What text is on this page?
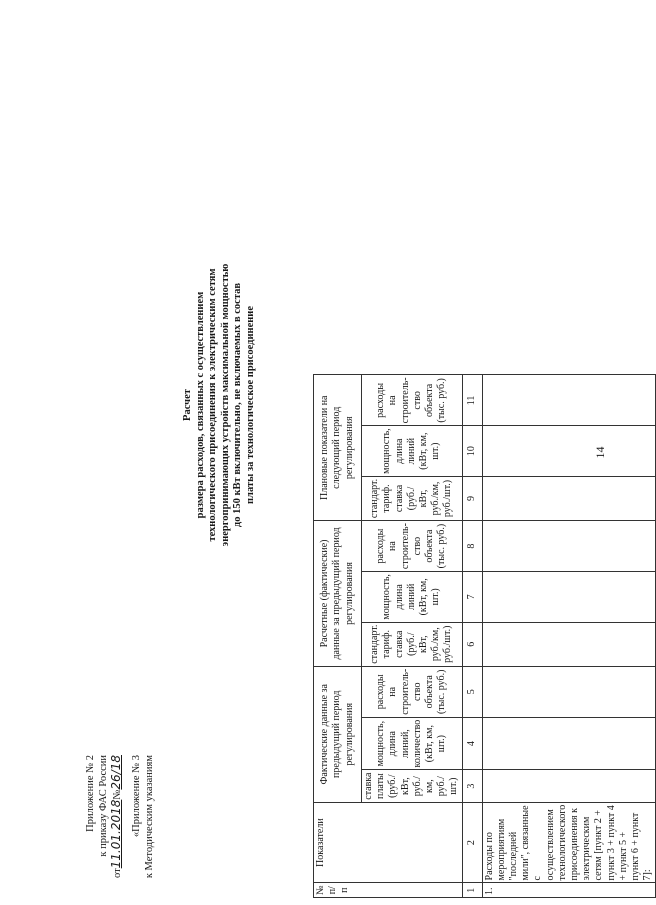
14
Приложение № 2 к приказу ФАС России
от11.01.2018№26/18 «Приложение № 3 к Методическим указаниям
Расчет размера расходов, связанных с осуществлением технологического присоединения к электрическим сетям энергопринимающих устройств максимальной мощностью до 150 кВт включительно, не включаемых в состав платы за технологическое присоединение
№ п/п	Показатели	Фактические данные за предыдущий период регулирования			Расчетные (фактические) данные за предыдущий период регулирования			Плановые показатели на следующий период регулирования		
		ставка платы (руб./кВт, руб./км, руб./шт.)	мощность, длина линий, количество (кВт, км, шт.)	расходы на строитель-ство объекта (тыс. руб.)	стандарт. тариф. ставка (руб./кВт, руб./км, руб./шт.)	мощность, длина линий (кВт, км, шт.)	расходы на строитель-ство объекта (тыс. руб.)	стандарт. тариф. ставка (руб./кВт, руб./км, руб./шт.)	мощность, длина линий (кВт, км, шт.)	расходы на строитель-ство объекта (тыс. руб.)
1	2	3	4	5	6	7	8	9	10	11
1.	Расходы по мероприятиям "последней мили", связанные с осуществлением технологического присоединения к электрическим сетям [пункт 2 + пункт 3 + пункт 4 + пункт 5 + пункт 6 + пункт 7]:									
